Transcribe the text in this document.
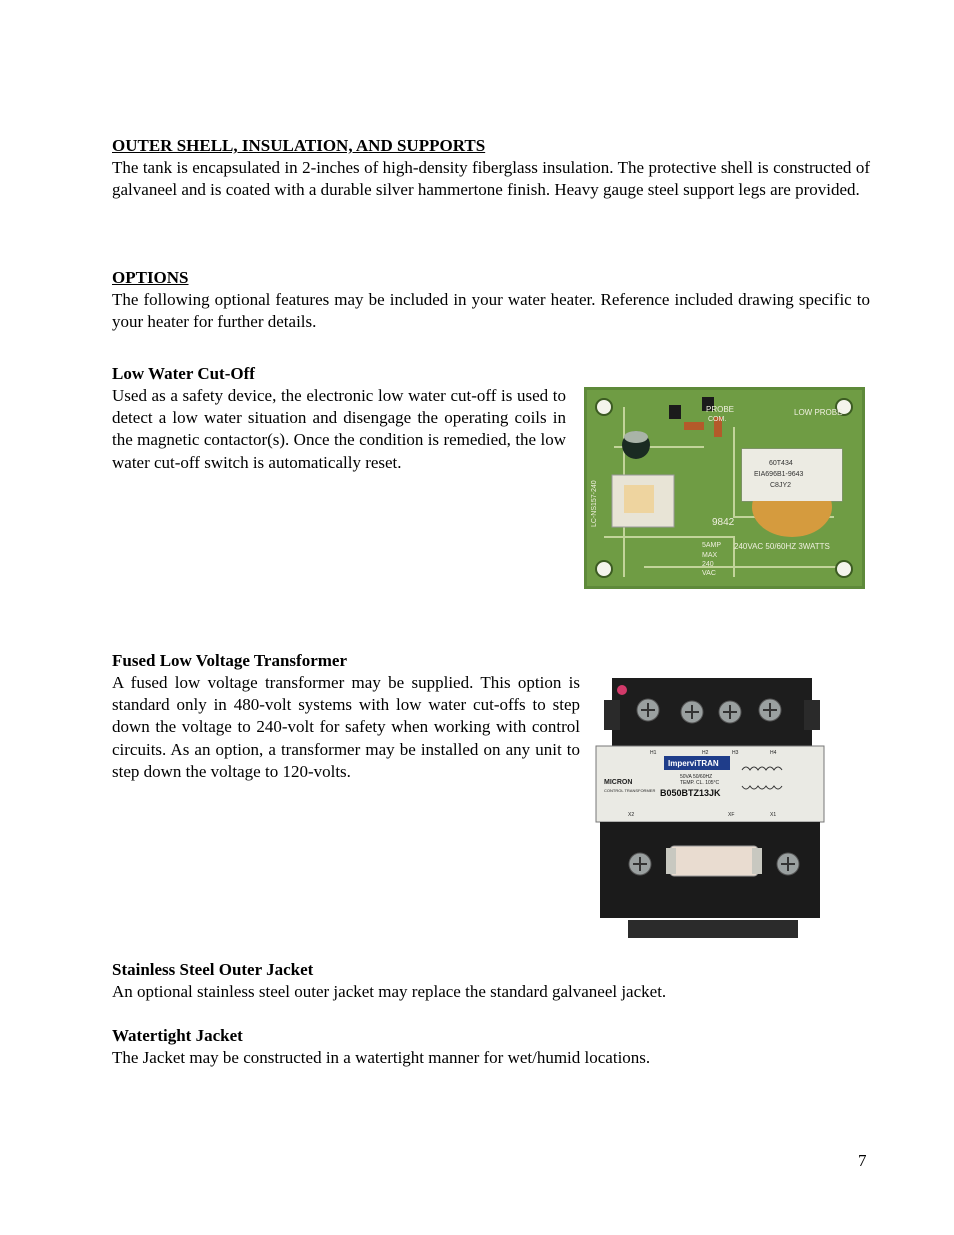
OUTER SHELL, INSULATION, AND SUPPORTS

The tank is encapsulated in 2-inches of high-density fiberglass insulation. The protective shell is constructed of galvaneel and is coated with a durable silver hammertone finish. Heavy gauge steel support legs are provided.

OPTIONS

The following optional features may be included in your water heater. Reference included drawing specific to your heater for further details.

Low Water Cut-Off

Used as a safety device, the electronic low water cut-off is used to detect a low water situation and disengage the operating coils in the magnetic contactor(s). Once the condition is remedied, the low water cut-off switch is automatically reset.	60T434
EIA696B1-9643
C8JY2
PROBE
COM.
LOW PROBE
9842
240VAC 50/60HZ 3WATTS
5AMP
MAX
240
VAC
LC-NS157-240
Fused Low Voltage Transformer

A fused low voltage transformer may be supplied. This option is standard only in 480-volt systems with low water cut-offs to step down the voltage to 240-volt for safety when working with control circuits. As an option, a transformer may be installed on any unit to step down the voltage to 120-volts.

H1	H2	H3	H4
ImperviTRAN
MICRON
CONTROL TRANSFORMER
50VA 50/60HZ
TEMP. CL. 105°C
B050BTZ13JK
X2	XF	X1
Stainless Steel Outer Jacket

An optional stainless steel outer jacket may replace the standard galvaneel jacket.

Watertight Jacket

The Jacket may be constructed in a watertight manner for wet/humid locations.

7
